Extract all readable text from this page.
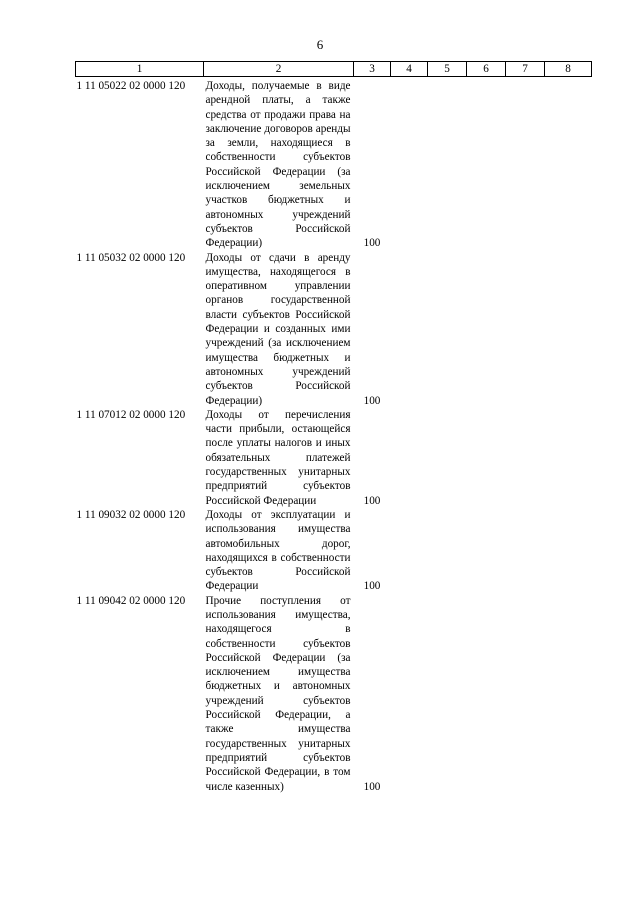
6
1	2	3	4	5	6	7	8

1 11 05022 02 0000 120	Доходы, получаемые в виде арендной платы, а также средства от продажи права на заключение договоров аренды за земли, находящиеся в собственности субъектов Российской Федерации (за исключением земельных участков бюджетных и автономных учреждений субъектов Российской Федерации)	100					
1 11 05032 02 0000 120	Доходы от сдачи в аренду имущества, находящегося в оперативном управлении органов государственной власти субъектов Российской Федерации и созданных ими учреждений (за исключением имущества бюджетных и автономных учреждений субъектов Российской Федерации)	100					
1 11 07012 02 0000 120	Доходы от перечисления части прибыли, остающейся после уплаты налогов и иных обязательных платежей государственных унитарных предприятий субъектов Российской Федерации	100					
1 11 09032 02 0000 120	Доходы от эксплуатации и использования имущества автомобильных дорог, находящихся в собственности субъектов Российской Федерации	100					
1 11 09042 02 0000 120	Прочие поступления от использования имущества, находящегося в собственности субъектов Российской Федерации (за исключением имущества бюджетных и автономных учреждений субъектов Российской Федерации, а также имущества государственных унитарных предприятий субъектов Российской Федерации, в том числе казенных)	100					
